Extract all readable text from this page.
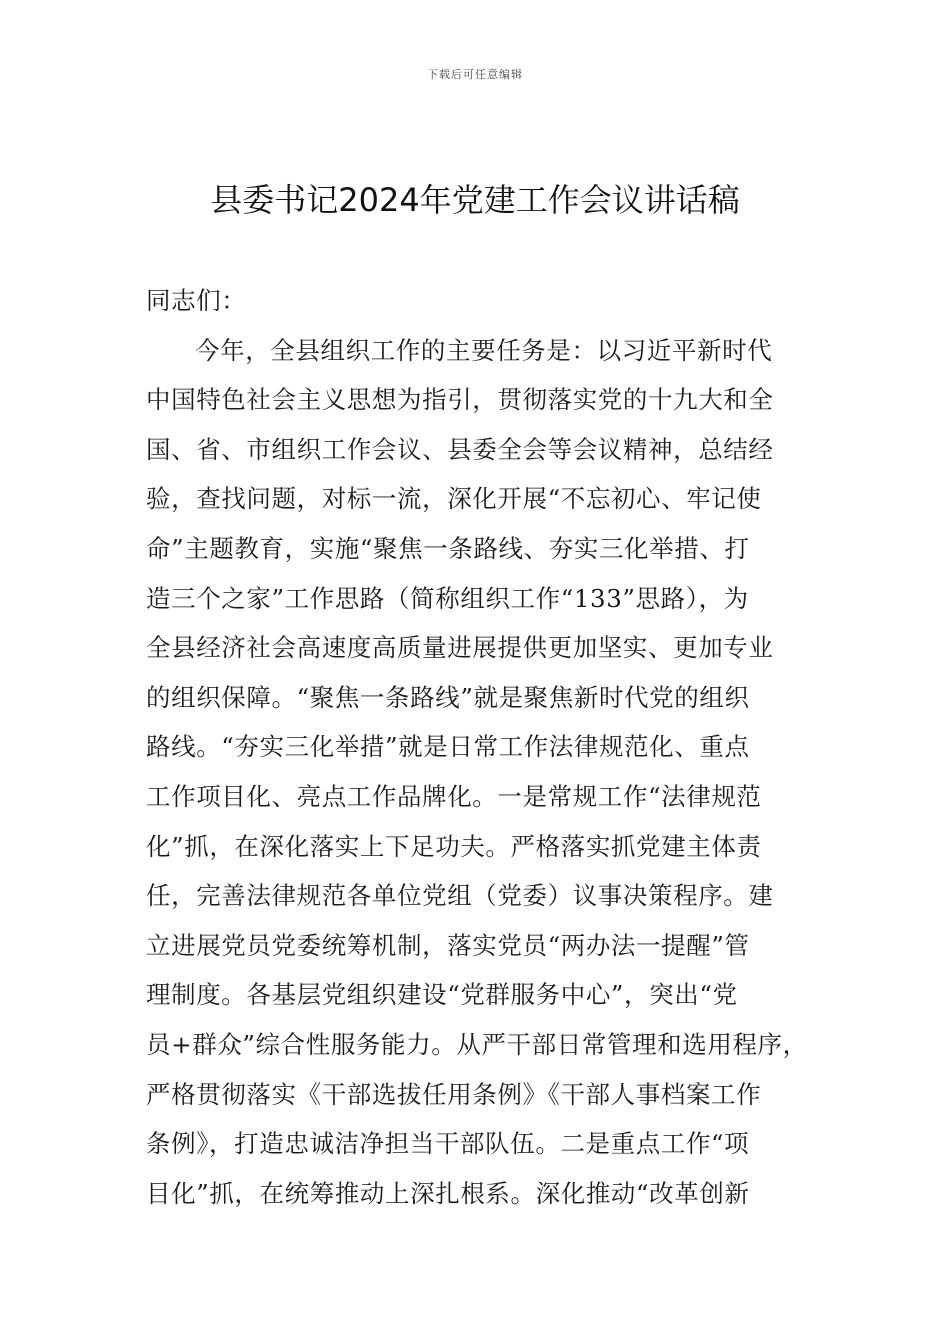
下载后可任意编辑
县委书记2024年党建工作会议讲话稿
同志们：
今年，全县组织工作的主要任务是：以习近平新时代
中国特色社会主义思想为指引，贯彻落实党的十九大和全
国、省、市组织工作会议、县委全会等会议精神，总结经
验，查找问题，对标一流，深化开展“不忘初心、牢记使
命”主题教育，实施“聚焦一条路线、夯实三化举措、打
造三个之家”工作思路（简称组织工作“133”思路），为
全县经济社会高速度高质量进展提供更加坚实、更加专业
的组织保障。“聚焦一条路线”就是聚焦新时代党的组织
路线。“夯实三化举措”就是日常工作法律规范化、重点
工作项目化、亮点工作品牌化。一是常规工作“法律规范
化”抓，在深化落实上下足功夫。严格落实抓党建主体责
任，完善法律规范各单位党组（党委）议事决策程序。建
立进展党员党委统筹机制，落实党员“两办法一提醒”管
理制度。各基层党组织建设“党群服务中心”，突出“党
员+群众”综合性服务能力。从严干部日常管理和选用程序，
严格贯彻落实《干部选拔任用条例》《干部人事档案工作
条例》，打造忠诚洁净担当干部队伍。二是重点工作“项
目化”抓，在统筹推动上深扎根系。深化推动“改革创新
